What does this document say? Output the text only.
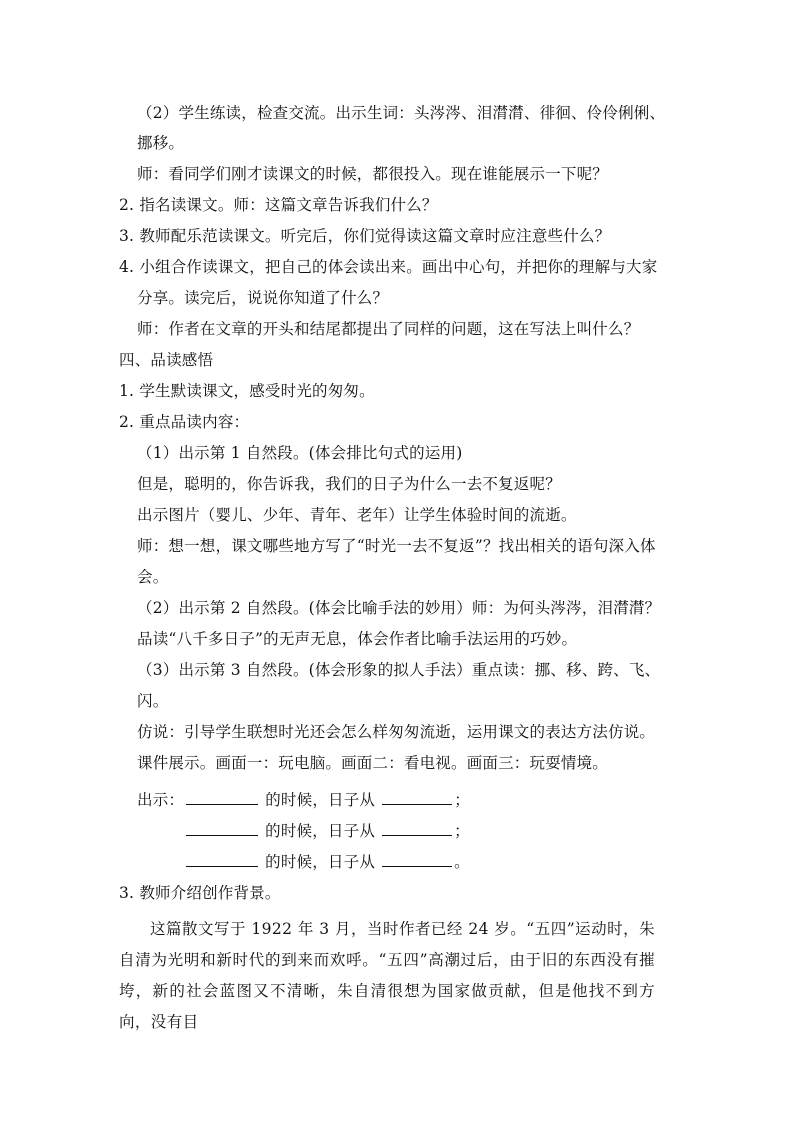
（2）学生练读，检查交流。出示生词：头涔涔、泪潸潸、徘徊、伶伶俐俐、
挪移。
师：看同学们刚才读课文的时候，都很投入。现在谁能展示一下呢？
2. 指名读课文。师：这篇文章告诉我们什么？
3. 教师配乐范读课文。听完后，你们觉得读这篇文章时应注意些什么？
4. 小组合作读课文，把自己的体会读出来。画出中心句，并把你的理解与大家
分享。读完后，说说你知道了什么？
师：作者在文章的开头和结尾都提出了同样的问题，这在写法上叫什么？
四、品读感悟
1. 学生默读课文，感受时光的匆匆。
2. 重点品读内容：
（1）出示第 1 自然段。(体会排比句式的运用)
但是，聪明的，你告诉我，我们的日子为什么一去不复返呢？
出示图片（婴儿、少年、青年、老年）让学生体验时间的流逝。
师：想一想，课文哪些地方写了“时光一去不复返”？找出相关的语句深入体
会。
（2）出示第 2 自然段。(体会比喻手法的妙用）师：为何头涔涔，泪潸潸？
品读“八千多日子”的无声无息，体会作者比喻手法运用的巧妙。
（3）出示第 3 自然段。(体会形象的拟人手法）重点读：挪、移、跨、飞、
闪。
仿说：引导学生联想时光还会怎么样匆匆流逝，运用课文的表达方法仿说。
课件展示。画面一：玩电脑。画面二：看电视。画面三：玩耍情境。
出示：	的时候，日子从	；
的时候，日子从	；
的时候，日子从	。
3. 教师介绍创作背景。
这篇散文写于 1922 年 3 月，当时作者已经 24 岁。“五四”运动时，朱自清为光明和新时代的到来而欢呼。“五四”高潮过后，由于旧的东西没有摧垮，新的社会蓝图又不清晰，朱自清很想为国家做贡献，但是他找不到方向，没有目
